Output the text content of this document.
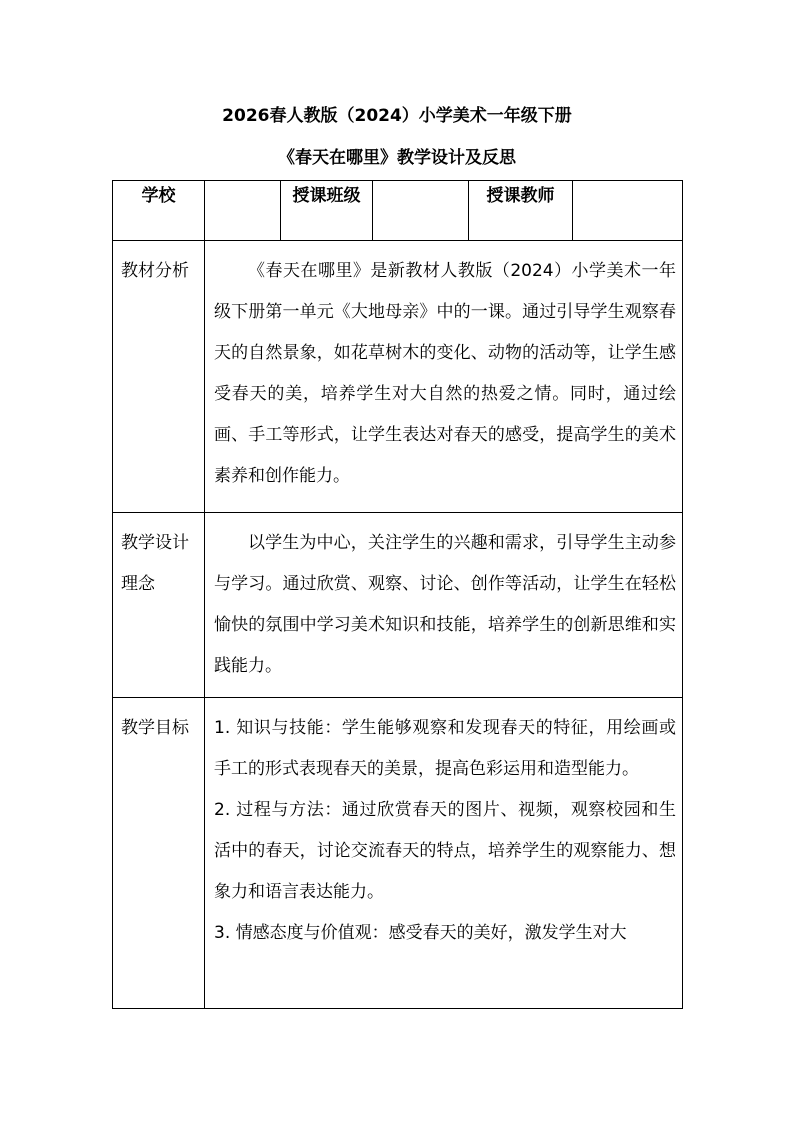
2026春人教版（2024）小学美术一年级下册
《春天在哪里》教学设计及反思
学校		授课班级		授课教师	
教材分析	《春天在哪里》是新教材人教版（2024）小学美术一年级下册第一单元《大地母亲》中的一课。通过引导学生观察春天的自然景象，如花草树木的变化、动物的活动等，让学生感受春天的美，培养学生对大自然的热爱之情。同时，通过绘画、手工等形式，让学生表达对春天的感受，提高学生的美术素养和创作能力。				

教学设计理念	以学生为中心，关注学生的兴趣和需求，引导学生主动参与学习。通过欣赏、观察、讨论、创作等活动，让学生在轻松愉快的氛围中学习美术知识和技能，培养学生的创新思维和实践能力。				

教学目标	1. 知识与技能：学生能够观察和发现春天的特征，用绘画或手工的形式表现春天的美景，提高色彩运用和造型能力。
2. 过程与方法：通过欣赏春天的图片、视频，观察校园和生活中的春天，讨论交流春天的特点，培养学生的观察能力、想象力和语言表达能力。
3. 情感态度与价值观：感受春天的美好，激发学生对大				
